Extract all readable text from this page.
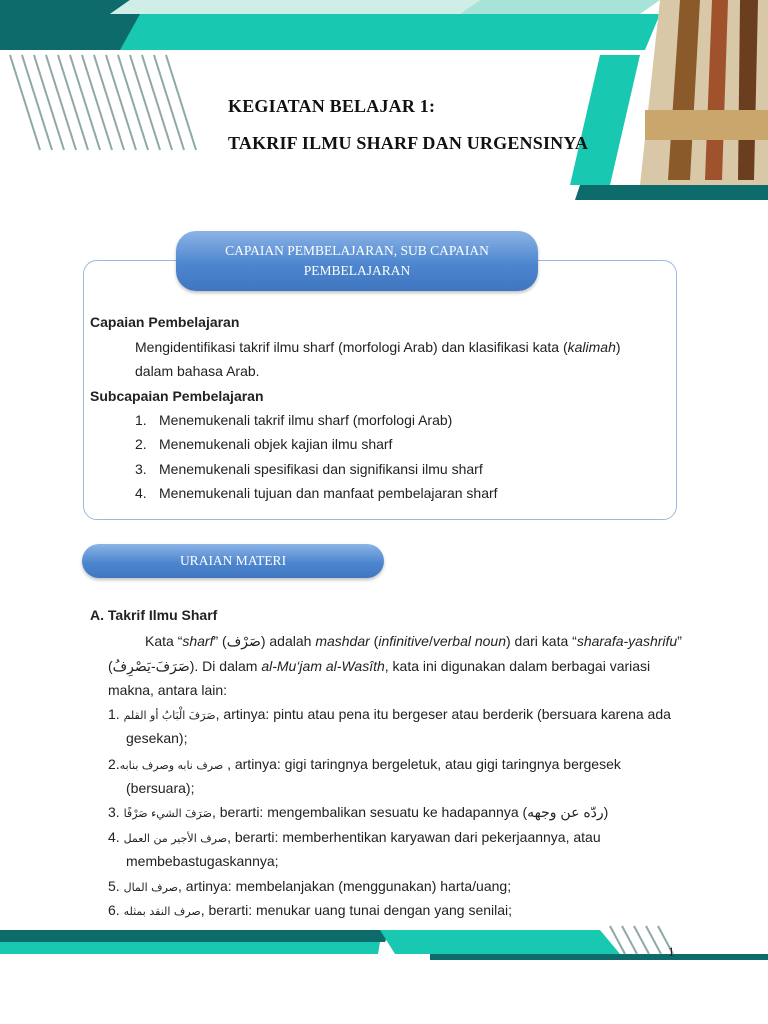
KEGIATAN BELAJAR 1:
TAKRIF ILMU SHARF DAN URGENSINYA
CAPAIAN PEMBELAJARAN, SUB CAPAIAN PEMBELAJARAN
Capaian Pembelajaran
Mengidentifikasi takrif ilmu sharf (morfologi Arab) dan klasifikasi kata (kalimah)
dalam bahasa Arab.
Subcapaian Pembelajaran
1. Menemukenali takrif ilmu sharf (morfologi Arab)
2. Menemukenali objek kajian ilmu sharf
3. Menemukenali spesifikasi dan signifikansi ilmu sharf
4. Menemukenali tujuan dan manfaat pembelajaran sharf
URAIAN MATERI
A. Takrif Ilmu Sharf
Kata “sharf” (صَرْف) adalah mashdar (infinitive/verbal noun) dari kata “sharafa-yashrifu”
(صَرَفَ-يَصْرِفُ). Di dalam al-Mu‘jam al-Wasîth, kata ini digunakan dalam berbagai variasi
makna, antara lain:
1. صَرَفَ الْبَابُ أو القلم, artinya: pintu atau pena itu bergeser atau berderik (bersuara karena ada
gesekan);
2.صرف نابه وصرف بنابه , artinya: gigi taringnya bergeletuk, atau gigi taringnya bergesek
(bersuara);
3. صَرَفَ الشيء صَرْفًا, berarti: mengembalikan sesuatu ke hadapannya (ردّه عن وجهه)
4. صرف الأجير من العمل, berarti: memberhentikan karyawan dari pekerjaannya, atau
membebastugaskannya;
5. صرف المال, artinya: membelanjakan (menggunakan) harta/uang;
6. صرف النقد بمثله, berarti: menukar uang tunai dengan yang senilai;
1
